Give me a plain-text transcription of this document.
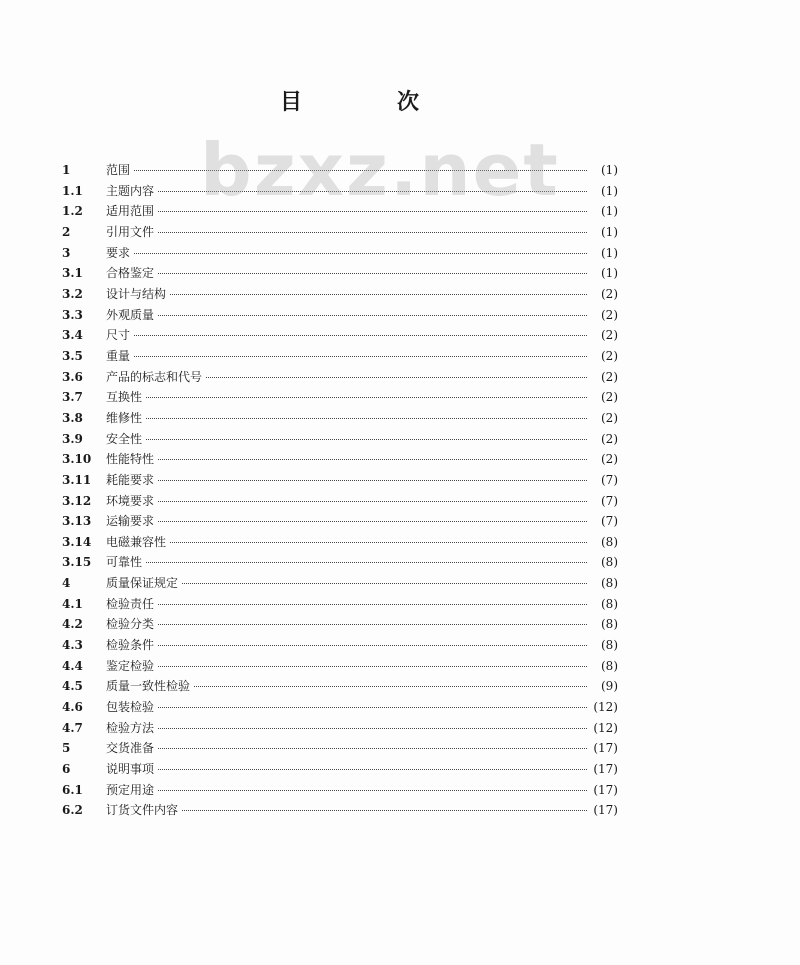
目	次
bzxz.net
1	范围	(1)
1.1	主题内容	(1)
1.2	适用范围	(1)
2	引用文件	(1)
3	要求	(1)
3.1	合格鉴定	(1)
3.2	设计与结构	(2)
3.3	外观质量	(2)
3.4	尺寸	(2)
3.5	重量	(2)
3.6	产品的标志和代号	(2)
3.7	互换性	(2)
3.8	维修性	(2)
3.9	安全性	(2)
3.10	性能特性	(2)
3.11	耗能要求	(7)
3.12	环境要求	(7)
3.13	运输要求	(7)
3.14	电磁兼容性	(8)
3.15	可靠性	(8)
4	质量保证规定	(8)
4.1	检验责任	(8)
4.2	检验分类	(8)
4.3	检验条件	(8)
4.4	鉴定检验	(8)
4.5	质量一致性检验	(9)
4.6	包装检验	(12)
4.7	检验方法	(12)
5	交货准备	(17)
6	说明事项	(17)
6.1	预定用途	(17)
6.2	订货文件内容	(17)
